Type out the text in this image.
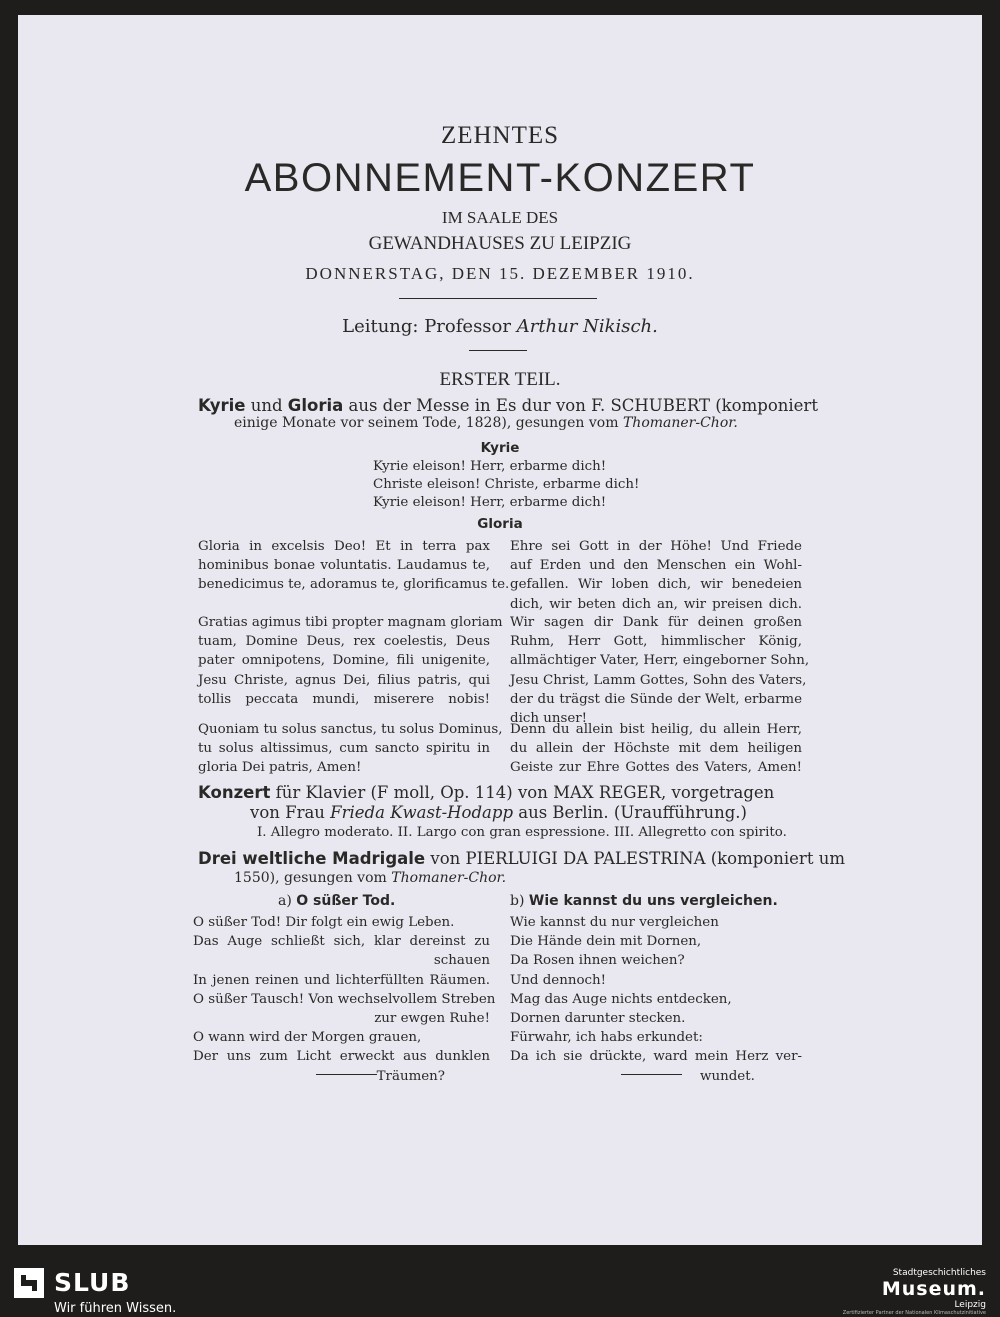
ZEHNTES
ABONNEMENT-KONZERT
IM SAALE DES
GEWANDHAUSES ZU LEIPZIG
DONNERSTAG, DEN 15. DEZEMBER 1910.
Leitung: Professor Arthur Nikisch.
ERSTER TEIL.
Kyrie und Gloria aus der Messe in Es dur von F. SCHUBERT (komponiert
einige Monate vor seinem Tode, 1828), gesungen vom Thomaner-Chor.
Kyrie
Kyrie eleison! Herr, erbarme dich!
Christe eleison! Christe, erbarme dich!
Kyrie eleison! Herr, erbarme dich!
Gloria
Gloria in excelsis Deo! Et in terra pax
hominibus bonae voluntatis. Laudamus te,
benedicimus te, adoramus te, glorificamus te.
Ehre sei Gott in der Höhe! Und Friede
auf Erden und den Menschen ein Wohl-
gefallen. Wir loben dich, wir benedeien
dich, wir beten dich an, wir preisen dich.
Gratias agimus tibi propter magnam gloriam
tuam, Domine Deus, rex coelestis, Deus
pater omnipotens, Domine, fili unigenite,
Jesu Christe, agnus Dei, filius patris, qui
tollis peccata mundi, miserere nobis!
Wir sagen dir Dank für deinen großen
Ruhm, Herr Gott, himmlischer König,
allmächtiger Vater, Herr, eingeborner Sohn,
Jesu Christ, Lamm Gottes, Sohn des Vaters,
der du trägst die Sünde der Welt, erbarme
dich unser!
Quoniam tu solus sanctus, tu solus Dominus,
tu solus altissimus, cum sancto spiritu in
gloria Dei patris, Amen!
Denn du allein bist heilig, du allein Herr,
du allein der Höchste mit dem heiligen
Geiste zur Ehre Gottes des Vaters, Amen!
Konzert für Klavier (F moll, Op. 114) von MAX REGER, vorgetragen
von Frau Frieda Kwast-Hodapp aus Berlin. (Uraufführung.)
I. Allegro moderato. II. Largo con gran espressione. III. Allegretto con spirito.
Drei weltliche Madrigale von PIERLUIGI DA PALESTRINA (komponiert um
1550), gesungen vom Thomaner-Chor.
a) O süßer Tod.
O süßer Tod! Dir folgt ein ewig Leben.
Das Auge schließt sich, klar dereinst zu
schauen
In jenen reinen und lichterfüllten Räumen.
O süßer Tausch! Von wechselvollem Streben
zur ewgen Ruhe!
O wann wird der Morgen grauen,
Der uns zum Licht erweckt aus dunklen
Träumen?
b) Wie kannst du uns vergleichen.
Wie kannst du nur vergleichen
Die Hände dein mit Dornen,
Da Rosen ihnen weichen?
Und dennoch!
Mag das Auge nichts entdecken,
Dornen darunter stecken.
Fürwahr, ich habs erkundet:
Da ich sie drückte, ward mein Herz ver-
wundet.
SLUB
Wir führen Wissen.
Stadtgeschichtliches
Museum.
Leipzig
Zertifizierter Partner der Nationalen Klimaschutzinitiative
